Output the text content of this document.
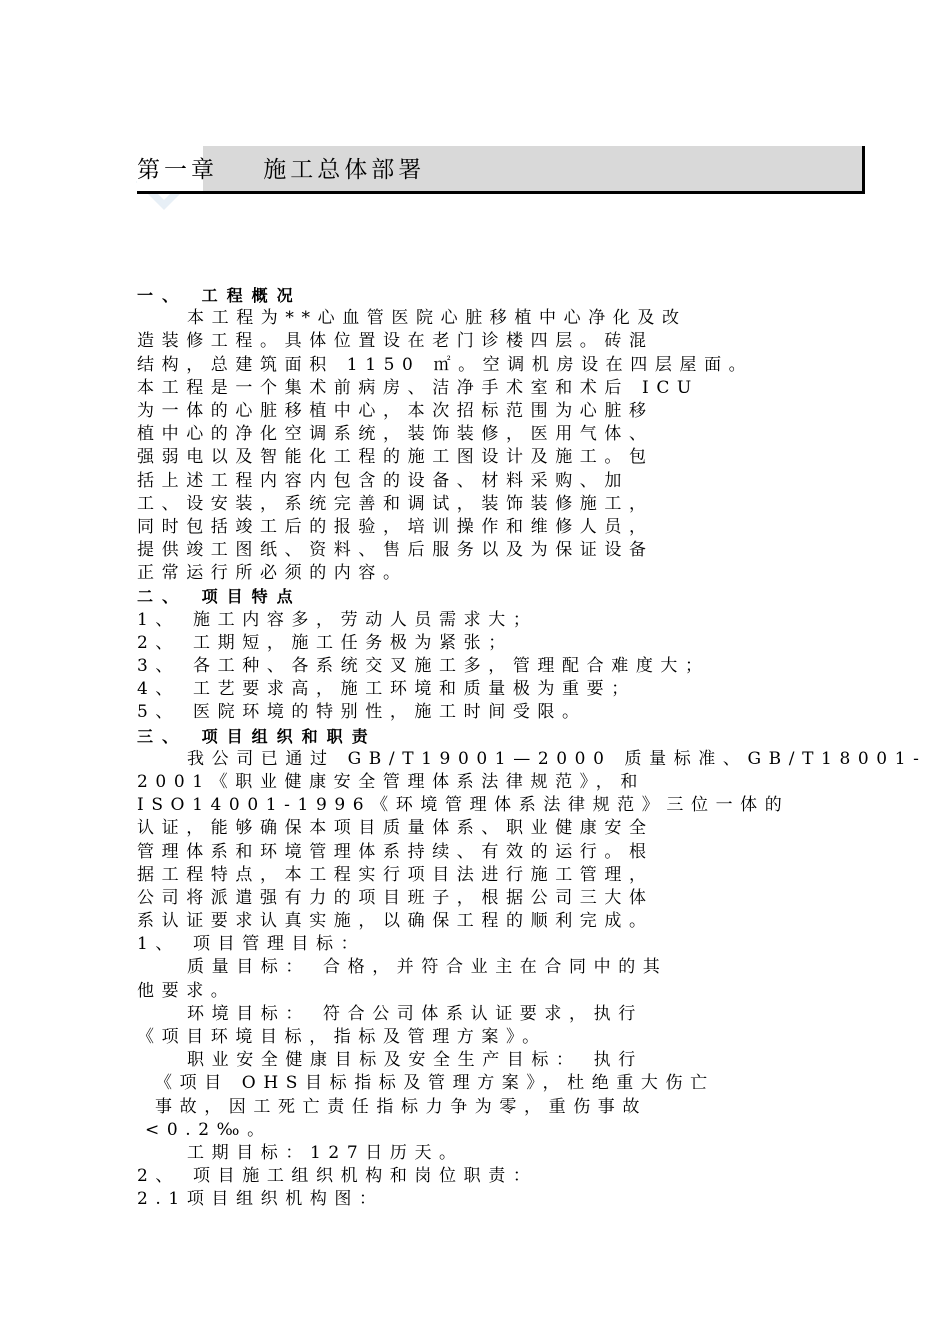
第一章    施工总体部署
一、 工程概况
本工程为**心血管医院心脏移植中心净化及改
造装修工程。具体位置设在老门诊楼四层。砖混
结构，总建筑面积 1150 ㎡。空调机房设在四层屋面。
本工程是一个集术前病房、洁净手术室和术后 ICU
为一体的心脏移植中心，本次招标范围为心脏移
植中心的净化空调系统，装饰装修，医用气体、
强弱电以及智能化工程的施工图设计及施工。包
括上述工程内容内包含的设备、材料采购、加
工、设安装，系统完善和调试，装饰装修施工，
同时包括竣工后的报验，培训操作和维修人员，
提供竣工图纸、资料、售后服务以及为保证设备
正常运行所必须的内容。
二、 项目特点
1、 施工内容多，劳动人员需求大；
2、 工期短，施工任务极为紧张；
3、 各工种、各系统交叉施工多，管理配合难度大；
4、 工艺要求高，施工环境和质量极为重要；
5、 医院环境的特别性，施工时间受限。
三、 项目组织和职责
我公司已通过 GB/T19001—2000 质量标准、GB/T18001-
2001《职业健康安全管理体系法律规范》，和
ISO14001-1996《环境管理体系法律规范》三位一体的
认证，能够确保本项目质量体系、职业健康安全
管理体系和环境管理体系持续、有效的运行。根
据工程特点，本工程实行项目法进行施工管理，
公司将派遣强有力的项目班子，根据公司三大体
系认证要求认真实施，以确保工程的顺利完成。
1、 项目管理目标：
质量目标： 合格，并符合业主在合同中的其
他要求。
环境目标： 符合公司体系认证要求，执行
《项目环境目标，指标及管理方案》。
职业安全健康目标及安全生产目标： 执行
《项目 OHS目标指标及管理方案》，杜绝重大伤亡
事故，因工死亡责任指标力争为零，重伤事故
<0.2‰。
工期目标：127日历天。
2、 项目施工组织机构和岗位职责：
2.1项目组织机构图：
